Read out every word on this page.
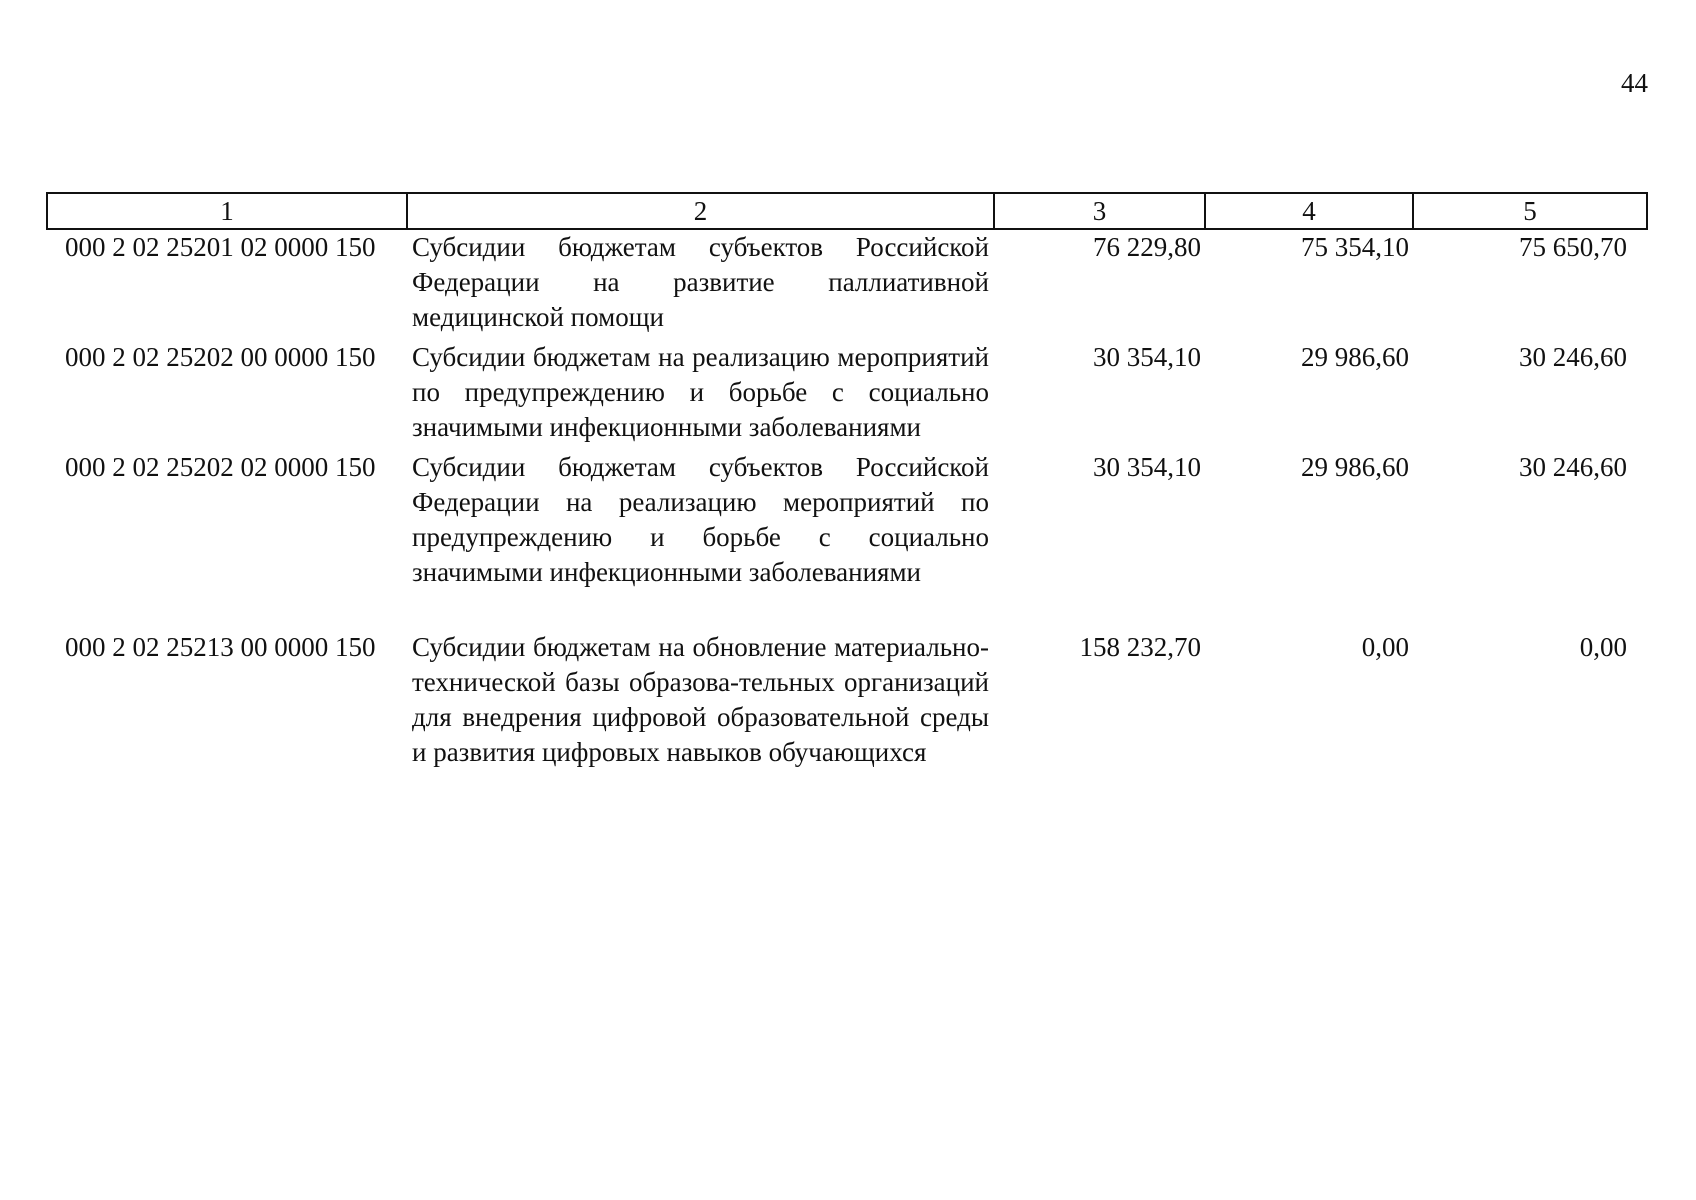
44
1	2	3	4	5
000 2 02 25201 02 0000 150	Субсидии бюджетам субъектов Российской Федерации на развитие паллиативной медицинской помощи	76 229,80	75 354,10	75 650,70
000 2 02 25202 00 0000 150	Субсидии бюджетам на реализацию мероприятий по предупреждению и борьбе с социально значимыми инфекционными заболеваниями	30 354,10	29 986,60	30 246,60
000 2 02 25202 02 0000 150	Субсидии бюджетам субъектов Российской Федерации на реализацию мероприятий по предупреждению и борьбе с социально значимыми инфекционными заболеваниями	30 354,10	29 986,60	30 246,60
000 2 02 25213 00 0000 150	Субсидии бюджетам на обновление материально-технической базы образова-тельных организаций для внедрения цифровой образовательной среды и развития цифровых навыков обучающихся	158 232,70	0,00	0,00
